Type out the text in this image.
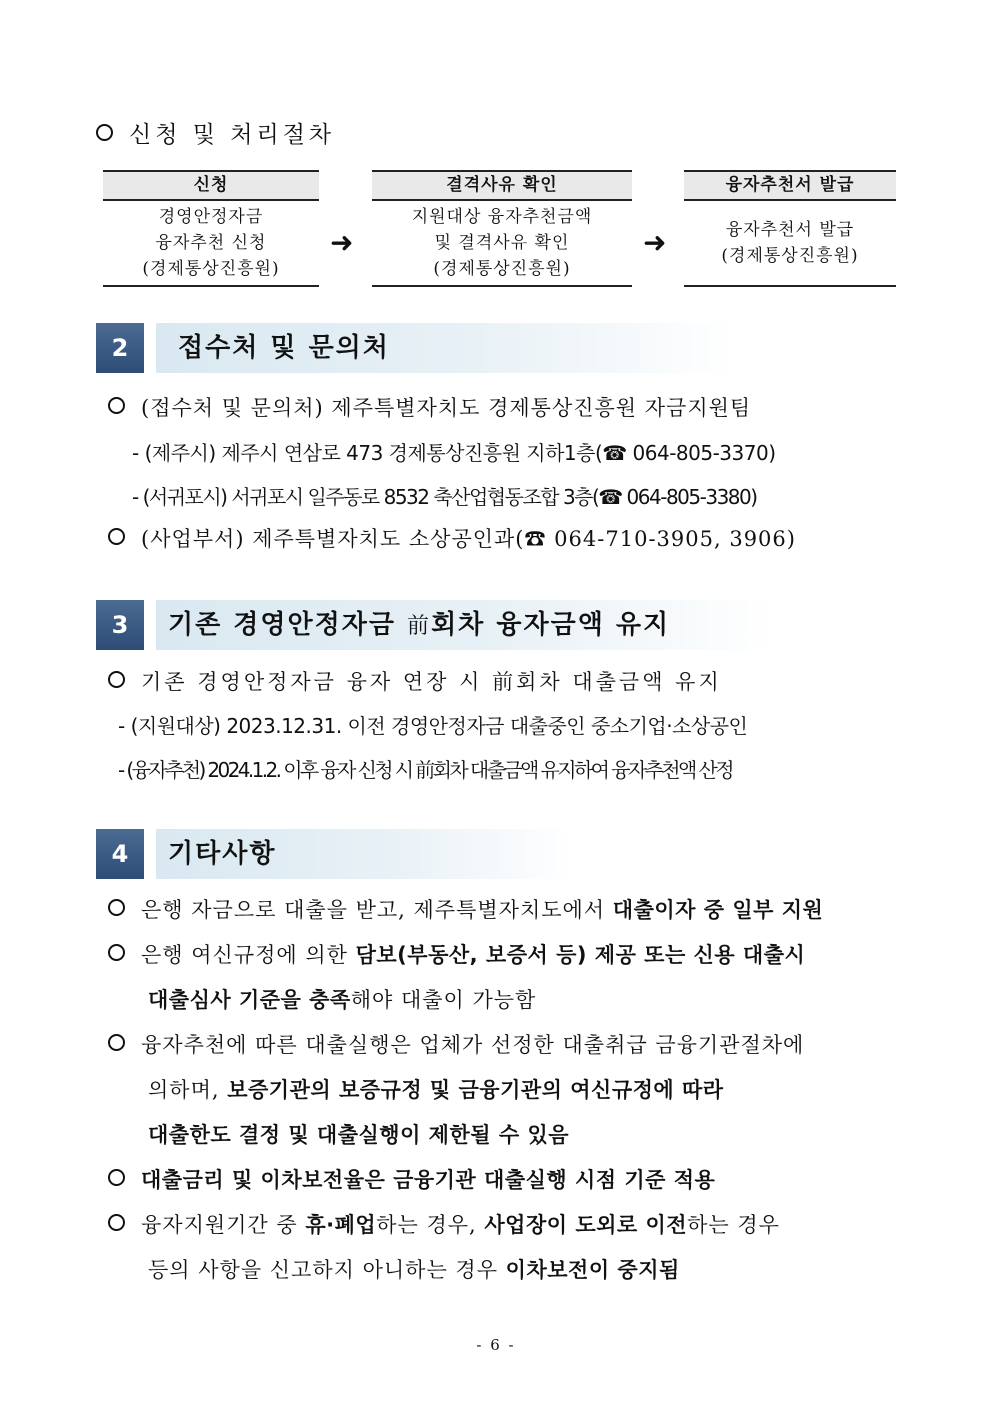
신청 및 처리절차
신청
경영안정자금
융자추천 신청
(경제통상진흥원)
➜
결격사유 확인
지원대상 융자추천금액
및 결격사유 확인
(경제통상진흥원)
➜
융자추천서 발급
융자추천서 발급
(경제통상진흥원)
2	접수처 및 문의처
(접수처 및 문의처) 제주특별자치도 경제통상진흥원 자금지원팀
- (제주시) 제주시 연삼로 473 경제통상진흥원 지하1층(☎ 064-805-3370)
- (서귀포시) 서귀포시 일주동로 8532 축산업협동조합 3층(☎ 064-805-3380)
(사업부서) 제주특별자치도 소상공인과(☎ 064-710-3905, 3906)
3	기존 경영안정자금 前회차 융자금액 유지
기존 경영안정자금 융자 연장 시 前회차 대출금액 유지
- (지원대상) 2023.12.31. 이전 경영안정자금 대출중인 중소기업·소상공인
- (융자추천) 2024.1.2. 이후 융자 신청 시 前회차 대출금액 유지하여 융자추천액 산정
4	기타사항
은행 자금으로 대출을 받고, 제주특별자치도에서 대출이자 중 일부 지원
은행 여신규정에 의한 담보(부동산, 보증서 등) 제공 또는 신용 대출시
대출심사 기준을 충족해야 대출이 가능함
융자추천에 따른 대출실행은 업체가 선정한 대출취급 금융기관절차에
의하며, 보증기관의 보증규정 및 금융기관의 여신규정에 따라
대출한도 결정 및 대출실행이 제한될 수 있음
대출금리 및 이차보전율은 금융기관 대출실행 시점 기준 적용
융자지원기간 중 휴·폐업하는 경우, 사업장이 도외로 이전하는 경우
등의 사항을 신고하지 아니하는 경우 이차보전이 중지됨
- 6 -
